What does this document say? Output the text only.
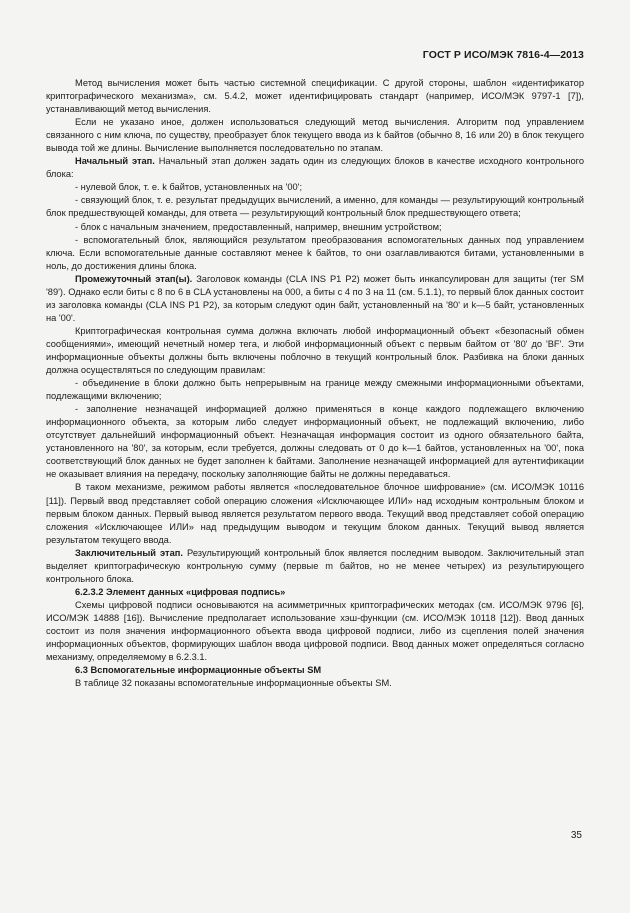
ГОСТ Р ИСО/МЭК 7816-4—2013

Метод вычисления может быть частью системной спецификации. С другой стороны, шаблон «идентификатор криптографического механизма», см. 5.4.2, может идентифицировать стандарт (например, ИСО/МЭК 9797-1 [7]), устанавливающий метод вычисления.

Если не указано иное, должен использоваться следующий метод вычисления. Алгоритм под управлением связанного с ним ключа, по существу, преобразует блок текущего ввода из k байтов (обычно 8, 16 или 20) в блок текущего вывода той же длины. Вычисление выполняется последовательно по этапам.

Начальный этап. Начальный этап должен задать один из следующих блоков в качестве исходного контрольного блока:

- нулевой блок, т. е. k байтов, установленных на '00';

- связующий блок, т. е. результат предыдущих вычислений, а именно, для команды — результирующий контрольный блок предшествующей команды, для ответа — результирующий контрольный блок предшествующего ответа;

- блок с начальным значением, предоставленный, например, внешним устройством;

- вспомогательный блок, являющийся результатом преобразования вспомогательных данных под управлением ключа. Если вспомогательные данные составляют менее k байтов, то они озаглавливаются битами, установленными в ноль, до достижения длины блока.

Промежуточный этап(ы). Заголовок команды (CLA INS P1 P2) может быть инкапсулирован для защиты (тег SM '89'). Однако если биты с 8 по 6 в CLA установлены на 000, а биты с 4 по 3 на 11 (см. 5.1.1), то первый блок данных состоит из заголовка команды (CLA INS P1 P2), за которым следуют один байт, установленный на '80' и k—5 байт, установленных на '00'.

Криптографическая контрольная сумма должна включать любой информационный объект «безопасный обмен сообщениями», имеющий нечетный номер тега, и любой информационный объект с первым байтом от '80' до 'BF'. Эти информационные объекты должны быть включены поблочно в текущий контрольный блок. Разбивка на блоки данных должна осуществляться по следующим правилам:

- объединение в блоки должно быть непрерывным на границе между смежными информационными объектами, подлежащими включению;

- заполнение незначащей информацией должно применяться в конце каждого подлежащего включению информационного объекта, за которым либо следует информационный объект, не подлежащий включению, либо отсутствует дальнейший информационный объект. Незначащая информация состоит из одного обязательного байта, установленного на '80', за которым, если требуется, должны следовать от 0 до k—1 байтов, установленных на '00', пока соответствующий блок данных не будет заполнен k байтами. Заполнение незначащей информацией для аутентификации не оказывает влияния на передачу, поскольку заполняющие байты не должны передаваться.

В таком механизме, режимом работы является «последовательное блочное шифрование» (см. ИСО/МЭК 10116 [11]). Первый ввод представляет собой операцию сложения «Исключающее ИЛИ» над исходным контрольным блоком и первым блоком данных. Первый вывод является результатом первого ввода. Текущий ввод представляет собой операцию сложения «Исключающее ИЛИ» над предыдущим выводом и текущим блоком данных. Текущий вывод является результатом текущего ввода.

Заключительный этап. Результирующий контрольный блок является последним выводом. Заключительный этап выделяет криптографическую контрольную сумму (первые m байтов, но не менее четырех) из результирующего контрольного блока.

6.2.3.2 Элемент данных «цифровая подпись»

Схемы цифровой подписи основываются на асимметричных криптографических методах (см. ИСО/МЭК 9796 [6], ИСО/МЭК 14888 [16]). Вычисление предполагает использование хэш-функции (см. ИСО/МЭК 10118 [12]). Ввод данных состоит из поля значения информационного объекта ввода цифровой подписи, либо из сцепления полей значения информационных объектов, формирующих шаблон ввода цифровой подписи. Ввод данных может определяться согласно механизму, определяемому в 6.2.3.1.

6.3 Вспомогательные информационные объекты SM

В таблице 32 показаны вспомогательные информационные объекты SM.

35
